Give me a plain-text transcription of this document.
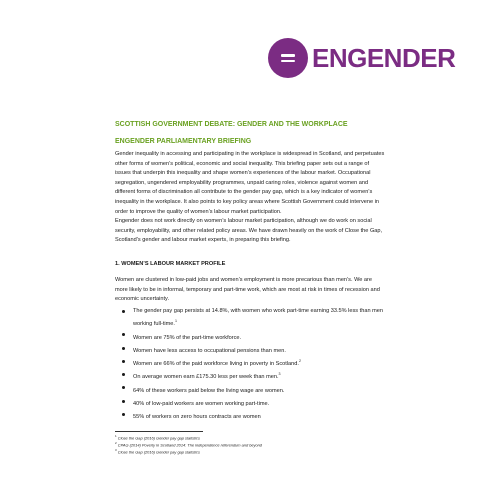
ENGENDER
SCOTTISH GOVERNMENT DEBATE: GENDER AND THE WORKPLACE
ENGENDER PARLIAMENTARY BRIEFING

Gender inequality in accessing and participating in the workplace is widespread in Scotland, and perpetuates other forms of women’s political, economic and social inequality. This briefing paper sets out a range of issues that underpin this inequality and shape women’s experiences of the labour market. Occupational segregation, ungendered employability programmes, unpaid caring roles, violence against women and different forms of discrimination all contribute to the gender pay gap, which is a key indicator of women’s inequality in the workplace. It also points to key policy areas where Scottish Government could intervene in order to improve the quality of women’s labour market participation.

Engender does not work directly on women’s labour market participation, although we do work on social security, employability, and other related policy areas. We have drawn heavily on the work of Close the Gap, Scotland’s gender and labour market experts, in preparing this briefing.

1. WOMEN’S LABOUR MARKET PROFILE

Women are clustered in low-paid jobs and women’s employment is more precarious than men’s. We are more likely to be in informal, temporary and part-time work, which are most at risk in times of recession and economic uncertainty.

The gender pay gap persists at 14.8%, with women who work part-time earning 33.5% less than men working full-time.$^1$
Women are 75% of the part-time workforce.
Women have less access to occupational pensions than men.
Women are 66% of the paid workforce living in poverty in Scotland.$^2$
On average women earn £175.30 less per week than men.$^3$
64% of these workers paid below the living wage are women.
40% of low-paid workers are women working part-time.
55% of workers on zero hours contracts are women
$^1$ Close the Gap (2016) Gender pay gap statistics
$^2$ CPAG (2014) Poverty in Scotland 2014: The independence referendum and beyond
$^3$ Close the Gap (2016) Gender pay gap statistics
